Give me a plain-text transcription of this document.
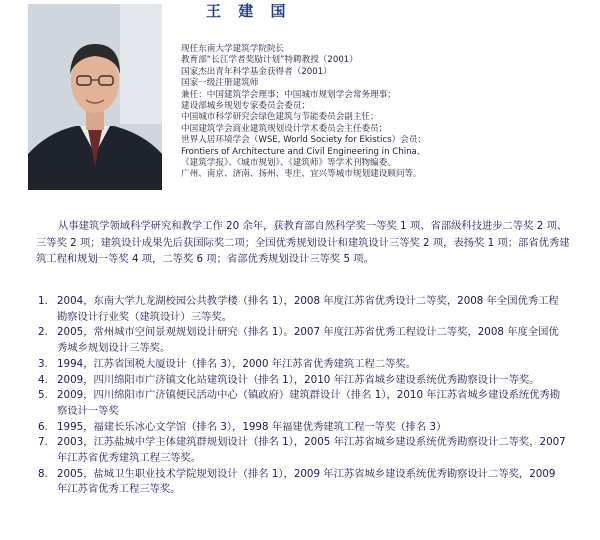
王 建 国
现任东南大学建筑学院院长
教育部“长江学者奖励计划”特聘教授（2001）
国家杰出青年科学基金获得者（2001）
国家一级注册建筑师
兼任：中国建筑学会理事；中国城市规划学会常务理事；
建设部城乡规划专家委员会委员；
中国城市科学研究会绿色建筑与节能委员会副主任；
中国建筑学会商业建筑规划设计学术委员会主任委员；
世界人居环境学会（WSE, World Society for Ekistics）会员；
Frontiers of Architecture and Civil Engineering in China、
《建筑学报》、《城市规划》、《建筑师》等学术刊物编委。
广州、南京、济南、扬州、枣庄、宜兴等城市规划建设顾问等。

从事建筑学领域科学研究和教学工作 20 余年，获教育部自然科学奖一等奖 1 项、省部级科技进步二等奖 2 项、三等奖 2 项；建筑设计成果先后获国际奖二项；全国优秀规划设计和建筑设计三等奖 2 项，表扬奖 1 项；部省优秀建筑工程和规划一等奖 4 项，二等奖 6 项；省部优秀规划设计三等奖 5 项。

1. 2004，东南大学九龙湖校园公共教学楼（排名 1），2008 年度江苏省优秀设计二等奖，2008 年全国优秀工程勘察设计行业奖（建筑设计）三等奖。
2. 2005，常州城市空间景观规划设计研究（排名 1）。2007 年度江苏省优秀工程设计二等奖，2008 年度全国优秀城乡规划设计三等奖。
3. 1994，江苏省国税大厦设计（排名 3），2000 年江苏省优秀建筑工程二等奖。
4. 2009，四川绵阳市广济镇文化站建筑设计（排名 1），2010 年江苏省城乡建设系统优秀勘察设计一等奖。
5. 2009，四川绵阳市广济镇便民活动中心（镇政府）建筑群设计（排名 1），2010 年江苏省城乡建设系统优秀勘察设计一等奖
6. 1995，福建长乐冰心文学馆（排名 3），1998 年福建优秀建筑工程一等奖（排名 3）
7. 2003，江苏盐城中学主体建筑群规划设计（排名 1），2005 年江苏省城乡建设系统优秀勘察设计二等奖，2007 年江苏省优秀建筑工程三等奖。
8. 2005，盐城卫生职业技术学院规划设计（排名 1），2009 年江苏省城乡建设系统优秀勘察设计二等奖，2009 年江苏省优秀工程三等奖。
